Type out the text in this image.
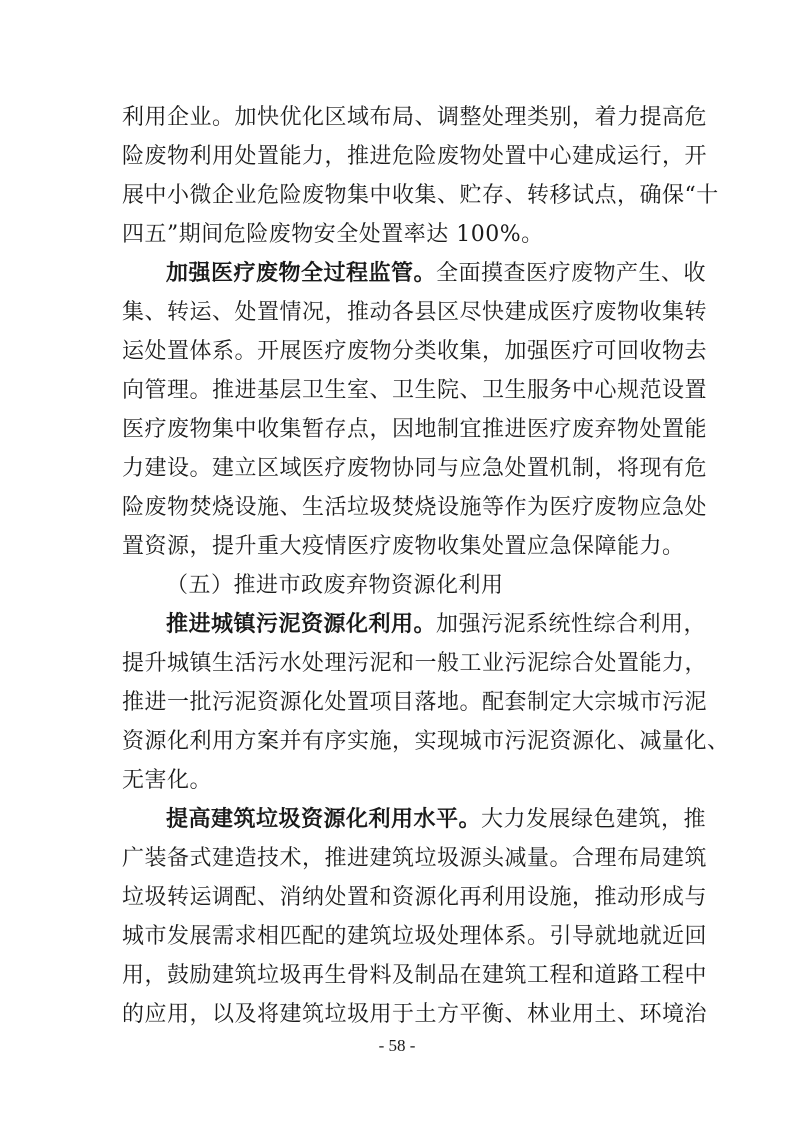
利用企业。加快优化区域布局、调整处理类别，着力提高危
险废物利用处置能力，推进危险废物处置中心建成运行，开
展中小微企业危险废物集中收集、贮存、转移试点，确保“十
四五”期间危险废物安全处置率达 100%。
加强医疗废物全过程监管。全面摸查医疗废物产生、收
集、转运、处置情况，推动各县区尽快建成医疗废物收集转
运处置体系。开展医疗废物分类收集，加强医疗可回收物去
向管理。推进基层卫生室、卫生院、卫生服务中心规范设置
医疗废物集中收集暂存点，因地制宜推进医疗废弃物处置能
力建设。建立区域医疗废物协同与应急处置机制，将现有危
险废物焚烧设施、生活垃圾焚烧设施等作为医疗废物应急处
置资源，提升重大疫情医疗废物收集处置应急保障能力。
（五）推进市政废弃物资源化利用
推进城镇污泥资源化利用。加强污泥系统性综合利用，
提升城镇生活污水处理污泥和一般工业污泥综合处置能力，
推进一批污泥资源化处置项目落地。配套制定大宗城市污泥
资源化利用方案并有序实施，实现城市污泥资源化、减量化、
无害化。
提高建筑垃圾资源化利用水平。大力发展绿色建筑，推
广装备式建造技术，推进建筑垃圾源头减量。合理布局建筑
垃圾转运调配、消纳处置和资源化再利用设施，推动形成与
城市发展需求相匹配的建筑垃圾处理体系。引导就地就近回
用，鼓励建筑垃圾再生骨料及制品在建筑工程和道路工程中
的应用，以及将建筑垃圾用于土方平衡、林业用土、环境治
- 58 -
